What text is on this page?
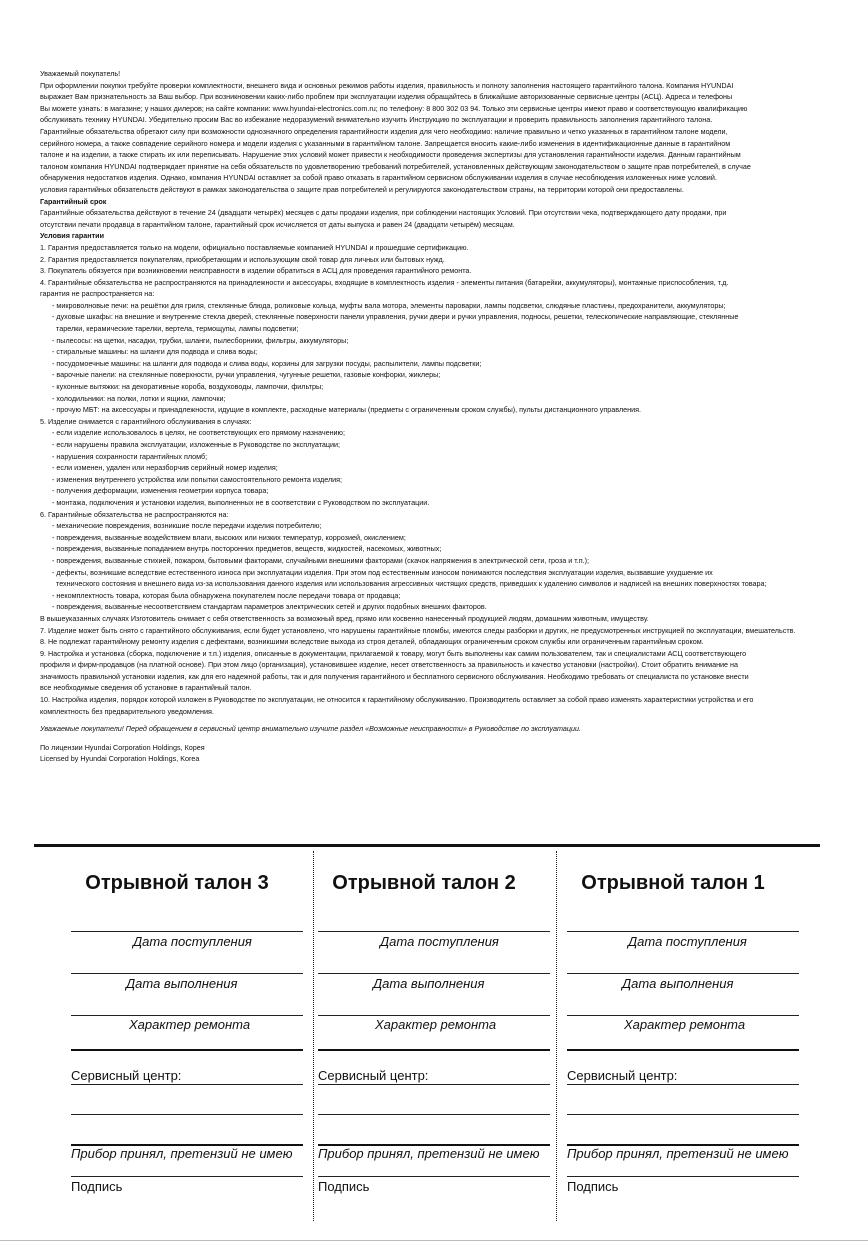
Уважаемый покупатель!
При оформлении покупки требуйте проверки комплектности, внешнего вида и основных режимов работы изделия, правильность и полноту заполнения настоящего гарантийного талона. Компания HYUNDAI
выражает Вам признательность за Ваш выбор. При возникновении каких-либо проблем при эксплуатации изделия обращайтесь в ближайшие авторизованные сервисные центры (АСЦ). Адреса и телефоны
Вы можете узнать: в магазине; у наших дилеров; на сайте компании: www.hyundai-electronics.com.ru; по телефону: 8 800 302 03 94. Только эти сервисные центры имеют право и соответствующую квалификацию
обслуживать технику HYUNDAI. Убедительно просим Вас во избежание недоразумений внимательно изучить Инструкцию по эксплуатации и проверить правильность заполнения гарантийного талона.
Гарантийные обязательства обретают силу при возможности однозначного определения гарантийности изделия для чего необходимо: наличие правильно и четко указанных в гарантийном талоне модели,
серийного номера, а также совпадение серийного номера и модели изделия с указанными в гарантийном талоне. Запрещается вносить какие-либо изменения в идентификационные данные в гарантийном
талоне и на изделии, а также стирать их или переписывать. Нарушение этих условий может привести к необходимости проведения экспертизы для установления гарантийности изделия. Данным гарантийным
талоном компания HYUNDAI подтверждает принятие на себя обязательств по удовлетворению требований потребителей, установленных действующим законодательством о защите прав потребителей, в случае
обнаружения недостатков изделия. Однако, компания HYUNDAI оставляет за собой право отказать в гарантийном сервисном обслуживании изделия в случае несоблюдения изложенных ниже условий.
условия гарантийных обязательств действуют в рамках законодательства о защите прав потребителей и регулируются законодательством страны, на территории которой они предоставлены.
Гарантийный срок
Гарантийные обязательства действуют в течение 24 (двадцати четырёх) месяцев с даты продажи изделия, при соблюдении настоящих Условий. При отсутствии чека, подтверждающего дату продажи, при
отсутствии печати продавца в гарантийном талоне, гарантийный срок исчисляется от даты выпуска и равен 24 (двадцати четырём) месяцам.
Условия гарантии
1. Гарантия предоставляется только на модели, официально поставляемые компанией HYUNDAI и прошедшие сертификацию.
2. Гарантия предоставляется покупателям, приобретающим и использующим свой товар для личных или бытовых нужд.
3. Покупатель обязуется при возникновении неисправности в изделии обратиться в АСЦ для проведения гарантийного ремонта.
4. Гарантийные обязательства не распространяются на принадлежности и аксессуары, входящие в комплектность изделия - элементы питания (батарейки, аккумуляторы), монтажные приспособления, т.д.
гарантия не распространяется на:
- микроволновые печи: на решётки для гриля, стеклянные блюда, роликовые кольца, муфты вала мотора, элементы пароварки, лампы подсветки, слюдяные пластины, предохранители, аккумуляторы;
- духовые шкафы: на внешние и внутренние стекла дверей, стеклянные поверхности панели управления, ручки двери и ручки управления, подносы, решетки, телескопические направляющие, стеклянные
тарелки, керамические тарелки, вертела, термощупы, лампы подсветки;
- пылесосы: на щетки, насадки, трубки, шланги, пылесборники, фильтры, аккумуляторы;
- стиральные машины: на шланги для подвода и слива воды;
- посудомоечные машины: на шланги для подвода и слива воды, корзины для загрузки посуды, распылители, лампы подсветки;
- варочные панели: на стеклянные поверхности, ручки управления, чугунные решетки, газовые конфорки, жиклеры;
- кухонные вытяжки: на декоративные короба, воздуховоды, лампочки, фильтры;
- холодильники: на полки, лотки и ящики, лампочки;
- прочую МБТ: на аксессуары и принадлежности, идущие в комплекте, расходные материалы (предметы с ограниченным сроком службы), пульты дистанционного управления.
5. Изделие снимается с гарантийного обслуживания в случаях:
- если изделие использовалось в целях, не соответствующих его прямому назначению;
- если нарушены правила эксплуатации, изложенные в Руководстве по эксплуатации;
- нарушения сохранности гарантийных пломб;
- если изменен, удален или неразборчив серийный номер изделия;
- изменения внутреннего устройства или попытки самостоятельного ремонта изделия;
- получения деформации, изменения геометрии корпуса товара;
- монтажа, подключения и установки изделия, выполненных не в соответствии с Руководством по эксплуатации.
6. Гарантийные обязательства не распространяются на:
- механические повреждения, возникшие после передачи изделия потребителю;
- повреждения, вызванные воздействием влаги, высоких или низких температур, коррозией, окислением;
- повреждения, вызванные попаданием внутрь посторонних предметов, веществ, жидкостей, насекомых, животных;
- повреждения, вызванные стихией, пожаром, бытовыми факторами, случайными внешними факторами (скачок напряжения в электрической сети, гроза и т.п.);
- дефекты, возникшие вследствие естественного износа при эксплуатации изделия. При этом под естественным износом понимаются последствия эксплуатации изделия, вызвавшие ухудшение их
технического состояния и внешнего вида из-за использования данного изделия или использования агрессивных чистящих средств, приведших к удалению символов и надписей на внешних поверхностях товара;
- некомплектность товара, которая была обнаружена покупателем после передачи товара от продавца;
- повреждения, вызванные несоответствием стандартам параметров электрических сетей и других подобных внешних факторов.
В вышеуказанных случаях Изготовитель снимает с себя ответственность за возможный вред, прямо или косвенно нанесенный продукцией людям, домашним животным, имуществу.
7. Изделие может быть снято с гарантийного обслуживания, если будет установлено, что нарушены гарантийные пломбы, имеются следы разборки и других, не предусмотренных инструкцией по эксплуатации, вмешательств.
8. Не подлежат гарантийному ремонту изделия с дефектами, возникшими вследствие выхода из строя деталей, обладающих ограниченным сроком службы или ограниченным гарантийным сроком.
9. Настройка и установка (сборка, подключение и т.п.) изделия, описанные в документации, прилагаемой к товару, могут быть выполнены как самим пользователем, так и специалистами АСЦ соответствующего
профиля и фирм-продавцов (на платной основе). При этом лицо (организация), установившее изделие, несет ответственность за правильность и качество установки (настройки). Стоит обратить внимание на
значимость правильной установки изделия, как для его надежной работы, так и для получения гарантийного и бесплатного сервисного обслуживания. Необходимо требовать от специалиста по установке внести
все необходимые сведения об установке в гарантийный талон.
10. Настройка изделия, порядок которой изложен в Руководстве по эксплуатации, не относится к гарантийному обслуживанию. Производитель оставляет за собой право изменять характеристики устройства и его
комплектность без предварительного уведомления.
Уважаемые покупатели! Перед обращением в сервисный центр внимательно изучите раздел «Возможные неисправности» в Руководстве по эксплуатации.
По лицензии Hyundai Corporation Holdings, Корея
Licensed by Hyundai Corporation Holdings, Korea
Отрывной талон 3
Дата поступления
Дата выполнения
Характер ремонта
Сервисный центр:
Прибор принял, претензий не имею
Подпись
Отрывной талон 2
Дата поступления
Дата выполнения
Характер ремонта
Сервисный центр:
Прибор принял, претензий не имею
Подпись
Отрывной талон 1
Дата поступления
Дата выполнения
Характер ремонта
Сервисный центр:
Прибор принял, претензий не имею
Подпись
